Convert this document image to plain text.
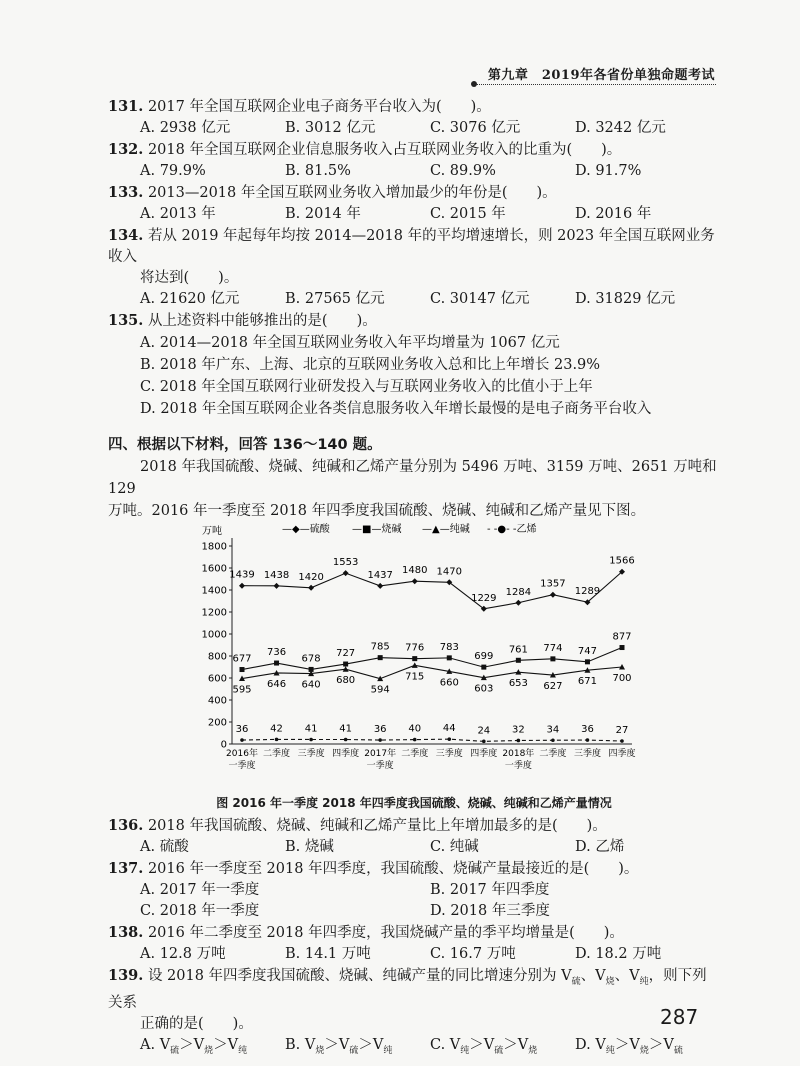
第九章　2019年各省份单独命题考试
131. 2017 年全国互联网企业电子商务平台收入为(　　)。
A. 2938 亿元	B. 3012 亿元	C. 3076 亿元	D. 3242 亿元
132. 2018 年全国互联网企业信息服务收入占互联网业务收入的比重为(　　)。
A. 79.9%	B. 81.5%	C. 89.9%	D. 91.7%
133. 2013—2018 年全国互联网业务收入增加最少的年份是(　　)。
A. 2013 年	B. 2014 年	C. 2015 年	D. 2016 年
134. 若从 2019 年起每年均按 2014—2018 年的平均增速增长，则 2023 年全国互联网业务收入
将达到(　　)。
A. 21620 亿元	B. 27565 亿元	C. 30147 亿元	D. 31829 亿元
135. 从上述资料中能够推出的是(　　)。
A. 2014—2018 年全国互联网业务收入年平均增量为 1067 亿元
B. 2018 年广东、上海、北京的互联网业务收入总和比上年增长 23.9%
C. 2018 年全国互联网行业研发投入与互联网业务收入的比值小于上年
D. 2018 年全国互联网企业各类信息服务收入年增长最慢的是电子商务平台收入
四、根据以下材料，回答 136～140 题。
2018 年我国硫酸、烧碱、纯碱和乙烯产量分别为 5496 万吨、3159 万吨、2651 万吨和 129
万吨。2016 年一季度至 2018 年四季度我国硫酸、烧碱、纯碱和乙烯产量见下图。
万吨
0
200
400
600
800
1000
1200
1400
1600
1800
2016年 二季度 三季度 四季度 2017年 二季度 三季度 四季度 2018年 二季度 三季度 四季度
一季度	一季度	一季度
—◆—硫酸 —■—烧碱 —▲—纯碱 - -●- -乙烯
1439 1438 1420
1553
1437 1480 1470
1229
1284
1357
1289
1566
677
736
678 727
785 776 783
699
761 774 747
877
595
646 640 680
594
715
660
603 653 627 671 700
36 42 41 41 36 40 44 24 32 34 36 27
图 2016 年一季度 2018 年四季度我国硫酸、烧碱、纯碱和乙烯产量情况
136. 2018 年我国硫酸、烧碱、纯碱和乙烯产量比上年增加最多的是(　　)。
A. 硫酸	B. 烧碱	C. 纯碱	D. 乙烯
137. 2016 年一季度至 2018 年四季度，我国硫酸、烧碱产量最接近的是(　　)。
A. 2017 年一季度	B. 2017 年四季度
C. 2018 年一季度	D. 2018 年三季度
138. 2016 年二季度至 2018 年四季度，我国烧碱产量的季平均增量是(　　)。
A. 12.8 万吨	B. 14.1 万吨	C. 16.7 万吨	D. 18.2 万吨
139. 设 2018 年四季度我国硫酸、烧碱、纯碱产量的同比增速分别为 $V_硫$、$V_烧$、$V_纯$，则下列关系
正确的是(　　)。
A. $V_硫>V_烧>V_纯$	B. $V_烧>V_硫>V_纯$	C. $V_纯>V_硫>V_烧$	D. $V_纯>V_烧>V_硫$
287
